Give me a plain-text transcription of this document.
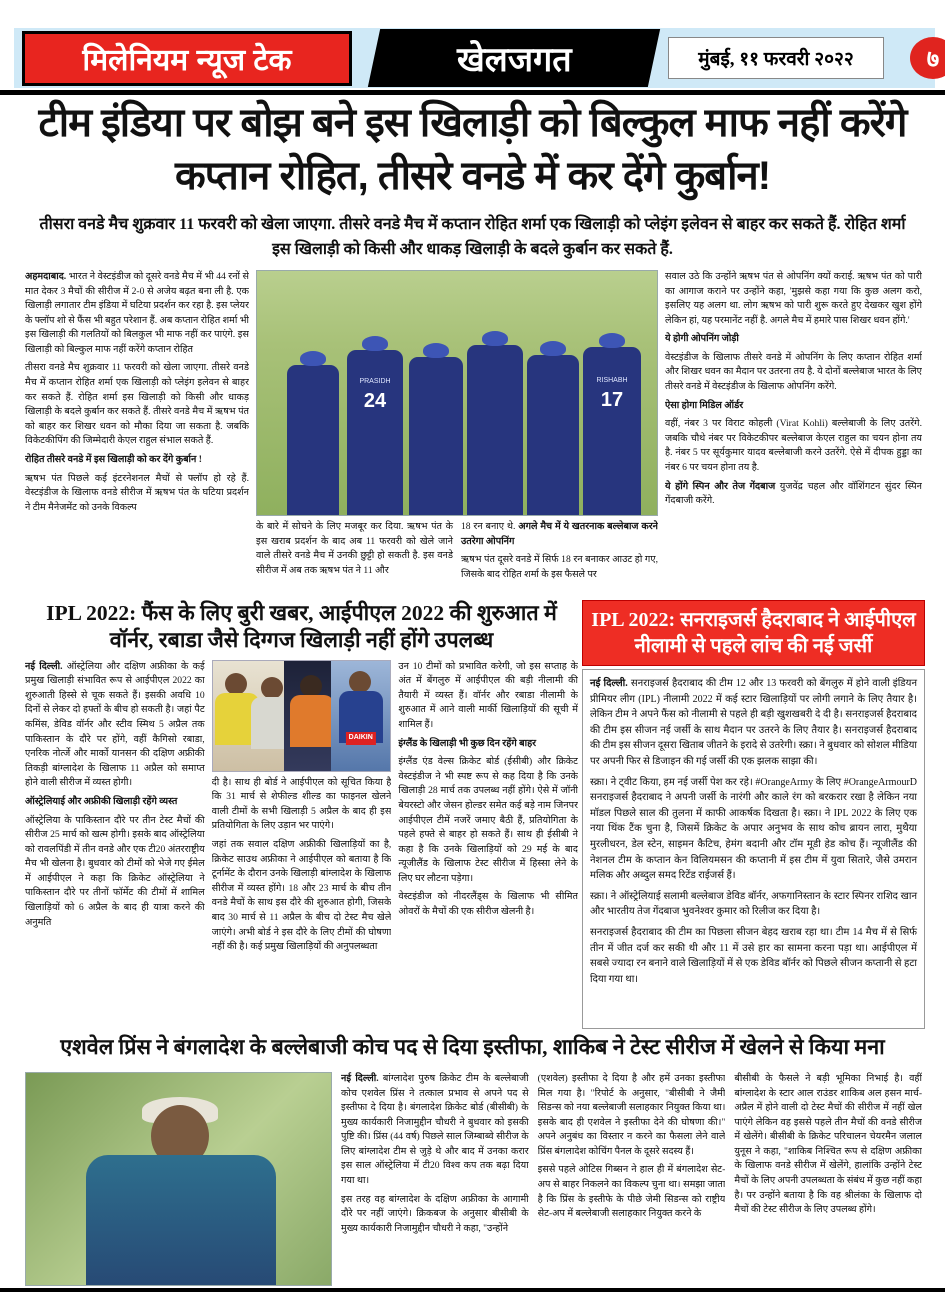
मिलेनियम न्यूज टेक	खेलजगत	मुंबई, ११ फरवरी २०२२	७
टीम इंडिया पर बोझ बने इस खिलाड़ी को बिल्कुल माफ नहीं करेंगे कप्तान रोहित, तीसरे वनडे में कर देंगे कुर्बान!
तीसरा वनडे मैच शुक्रवार 11 फरवरी को खेला जाएगा. तीसरे वनडे मैच में कप्तान रोहित शर्मा एक खिलाड़ी को प्लेइंग इलेवन से बाहर कर सकते हैं. रोहित शर्मा इस खिलाड़ी को किसी और धाकड़ खिलाड़ी के बदले कुर्बान कर सकते हैं.

अहमदाबाद. भारत ने वेस्टइंडीज को दूसरे वनडे मैच में भी 44 रनों से मात देकर 3 मैचों की सीरीज में 2-0 से अजेय बढ़त बना ली है. एक खिलाड़ी लगातार टीम इंडिया में घटिया प्रदर्शन कर रहा है. इस प्लेयर के फ्लॉप शो से फैंस भी बहुत परेशान हैं. अब कप्तान रोहित शर्मा भी इस खिलाड़ी की गलतियों को बिलकुल भी माफ नहीं कर पाएंगे. इस खिलाड़ी को बिल्कुल माफ नहीं करेंगे कप्तान रोहित

तीसरा वनडे मैच शुक्रवार 11 फरवरी को खेला जाएगा. तीसरे वनडे मैच में कप्तान रोहित शर्मा एक खिलाड़ी को प्लेइंग इलेवन से बाहर कर सकते हैं. रोहित शर्मा इस खिलाड़ी को किसी और धाकड़ खिलाड़ी के बदले कुर्बान कर सकते हैं. तीसरे वनडे मैच में ऋषभ पंत को बाहर कर शिखर धवन को मौका दिया जा सकता है. जबकि विकेटकीपिंग की जिम्मेदारी केएल राहुल संभाल सकते हैं.

रोहित तीसरे वनडे में इस खिलाड़ी को कर देंगे कुर्बान !

ऋषभ पंत पिछले कई इंटरनेशनल मैचों से फ्लॉप हो रहे हैं. वेस्टइंडीज के खिलाफ वनडे सीरीज में ऋषभ पंत के घटिया प्रदर्शन ने टीम मैनेजमेंट को उनके विकल्प

PRASIDH
24
RISHABH
17

के बारे में सोचने के लिए मजबूर कर दिया. ऋषभ पंत के इस खराब प्रदर्शन के बाद अब 11 फरवरी को खेले जाने वाले तीसरे वनडे मैच में उनकी छुट्टी हो सकती है. इस वनडे सीरीज में अब तक ऋषभ पंत ने 11 और

18 रन बनाए थे. अगले मैच में ये खतरनाक बल्लेबाज करने उतरेगा ओपनिंग

ऋषभ पंत दूसरे वनडे में सिर्फ 18 रन बनाकर आउट हो गए, जिसके बाद रोहित शर्मा के इस फैसले पर

सवाल उठे कि उन्होंने ऋषभ पंत से ओपनिंग क्यों कराई. ऋषभ पंत को पारी का आगाज कराने पर उन्होंने कहा, 'मुझसे कहा गया कि कुछ अलग करो, इसलिए यह अलग था. लोग ऋषभ को पारी शुरू करते हुए देखकर खुश होंगे लेकिन हां, यह परमानेंट नहीं है. अगले मैच में हमारे पास शिखर धवन होंगे.'

ये होगी ओपनिंग जोड़ी

वेस्टइंडीज के खिलाफ तीसरे वनडे में ओपनिंग के लिए कप्तान रोहित शर्मा और शिखर धवन का मैदान पर उतरना तय है. ये दोनों बल्लेबाज भारत के लिए तीसरे वनडे में वेस्टइंडीज के खिलाफ ओपनिंग करेंगे.

ऐसा होगा मिडिल ऑर्डर

वहीं, नंबर 3 पर विराट कोहली (Virat Kohli) बल्लेबाजी के लिए उतरेंगे. जबकि चौथे नंबर पर विकेटकीपर बल्लेबाज केएल राहुल का चयन होना तय है. नंबर 5 पर सूर्यकुमार यादव बल्लेबाजी करने उतरेंगे. ऐसे में दीपक हुड्डा का नंबर 6 पर चयन होना तय है.

ये होंगे स्पिन और तेज गेंदबाज युजवेंद्र चहल और वॉशिंगटन सुंदर स्पिन गेंदबाजी करेंगे.

IPL 2022: फैंस के लिए बुरी खबर, आईपीएल 2022 की शुरुआत में वॉर्नर, रबाडा जैसे दिग्गज खिलाड़ी नहीं होंगे उपलब्ध

नई दिल्ली. ऑस्ट्रेलिया और दक्षिण अफ्रीका के कई प्रमुख खिलाड़ी संभावित रूप से आईपीएल 2022 का शुरुआती हिस्से से चूक सकते हैं। इसकी अवधि 10 दिनों से लेकर दो हफ्तों के बीच हो सकती है। जहां पैट कमिंस, डेविड वॉर्नर और स्टीव स्मिथ 5 अप्रैल तक पाकिस्तान के दौरे पर होंगे, वहीं कैगिसो रबाडा, एनरिक नोर्त्जे और मार्को यानसन की दक्षिण अफ्रीकी तिकड़ी बांग्लादेश के खिलाफ 11 अप्रैल को समाप्त होने वाली सीरीज में व्यस्त होगी।

ऑस्ट्रेलियाई और अफ्रीकी खिलाड़ी रहेंगे व्यस्त

ऑस्ट्रेलिया के पाकिस्तान दौरे पर तीन टेस्ट मैचों की सीरीज 25 मार्च को खत्म होगी। इसके बाद ऑस्ट्रेलिया को रावलपिंडी में तीन वनडे और एक टी20 अंतरराष्ट्रीय मैच भी खेलना है। बुधवार को टीमों को भेजे गए ईमेल में आईपीएल ने कहा कि क्रिकेट ऑस्ट्रेलिया ने पाकिस्तान दौरे पर तीनों फॉर्मेट की टीमों में शामिल खिलाड़ियों को 6 अप्रैल के बाद ही यात्रा करने की अनुमति

DAIKIN

दी है। साथ ही बोर्ड ने आईपीएल को सूचित किया है कि 31 मार्च से शेफील्ड शील्ड का फाइनल खेलने वाली टीमों के सभी खिलाड़ी 5 अप्रैल के बाद ही इस प्रतियोगिता के लिए उड़ान भर पाएंगे।

जहां तक सवाल दक्षिण अफ्रीकी खिलाड़ियों का है, क्रिकेट साउथ अफ्रीका ने आईपीएल को बताया है कि टूर्नामेंट के दौरान उनके खिलाड़ी बांग्लादेश के खिलाफ सीरीज में व्यस्त होंगे। 18 और 23 मार्च के बीच तीन वनडे मैचों के साथ इस दौरे की शुरुआत होगी, जिसके बाद 30 मार्च से 11 अप्रैल के बीच दो टेस्ट मैच खेले जाएंगे। अभी बोर्ड ने इस दौरे के लिए टीमों की घोषणा नहीं की है। कई प्रमुख खिलाड़ियों की अनुपलब्धता

उन 10 टीमों को प्रभावित करेगी, जो इस सप्ताह के अंत में बेंगलुरु में आईपीएल की बड़ी नीलामी की तैयारी में व्यस्त हैं। वॉर्नर और रबाडा नीलामी के शुरुआत में आने वाली मार्की खिलाड़ियों की सूची में शामिल हैं।

इंग्लैंड के खिलाड़ी भी कुछ दिन रहेंगे बाहर

इंग्लैंड एंड वेल्स क्रिकेट बोर्ड (ईसीबी) और क्रिकेट वेस्टइंडीज ने भी स्पष्ट रूप से कह दिया है कि उनके खिलाड़ी 28 मार्च तक उपलब्ध नहीं होंगे। ऐसे में जॉनी बेयरस्टो और जेसन होल्डर समेत कई बड़े नाम जिनपर आईपीएल टीमें नजरें जमाए बैठी हैं, प्रतियोगिता के पहले हफ्ते से बाहर हो सकते हैं। साथ ही ईसीबी ने कहा है कि उनके खिलाड़ियों को 29 मई के बाद न्यूजीलैंड के खिलाफ टेस्ट सीरीज में हिस्सा लेने के लिए घर लौटना पड़ेगा।

वेस्टइंडीज को नीदरलैंड्स के खिलाफ भी सीमित ओवरों के मैचों की एक सीरीज खेलनी है।

IPL 2022: सनराइजर्स हैदराबाद ने आईपीएल नीलामी से पहले लांच की नई जर्सी

नई दिल्ली. सनराइजर्स हैदराबाद की टीम 12 और 13 फरवरी को बेंगलुरु में होने वाली इंडियन प्रीमियर लीग (IPL) नीलामी 2022 में कई स्टार खिलाड़ियों पर लोगी लगाने के लिए तैयार है। लेकिन टीम ने अपने फैंस को नीलामी से पहले ही बड़ी खुशखबरी दे दी है। सनराइजर्स हैदराबाद की टीम इस सीजन नई जर्सी के साथ मैदान पर उतरने के लिए तैयार है। सनराइजर्स हैदराबाद की टीम इस सीजन दूसरा खिताब जीतने के इरादे से उतरेगी। स्क्रा। ने बुधवार को सोशल मीडिया पर अपनी फिर से डिजाइन की गई जर्सी की एक झलक साझा की।

स्क्रा। ने ट्वीट किया, हम नई जर्सी पेश कर रहे। #OrangeArmy के लिए #OrangeArmourD सनराइजर्स हैदराबाद ने अपनी जर्सी के नारंगी और काले रंग को बरकरार रखा है लेकिन नया मॉडल पिछले साल की तुलना में काफी आकर्षक दिखता है। स्क्रा। ने IPL 2022 के लिए एक नया थिंक टैंक चुना है, जिसमें क्रिकेट के अपार अनुभव के साथ कोच ब्रायन लारा, मुथैया मुरलीधरन, डेल स्टेन, साइमन कैटिच, हेमंग बदानी और टॉम मूडी हेड कोच हैं। न्यूजीलैंड की नेशनल टीम के कप्तान केन विलियमसन की कप्तानी में इस टीम में युवा सितारे, जैसे उमरान मलिक और अब्दुल समद रिटेंड राईजर्स हैं।

स्क्रा। ने ऑस्ट्रेलियाई सलामी बल्लेबाज डेविड बॉर्नर, अफगानिस्तान के स्टार स्पिनर राशिद खान और भारतीय तेज गेंदबाज भुवनेश्वर कुमार को रिलीज कर दिया है।

सनराइजर्स हैदराबाद की टीम का पिछला सीजन बेहद खराब रहा था। टीम 14 मैच में से सिर्फ तीन में जीत दर्ज कर सकी थी और 11 में उसे हार का सामना करना पड़ा था। आईपीएल में सबसे ज्यादा रन बनाने वाले खिलाड़ियों में से एक डेविड बॉर्नर को पिछले सीजन कप्तानी से हटा दिया गया था।

एशवेल प्रिंस ने बंगलादेश के बल्लेबाजी कोच पद से दिया इस्तीफा, शाकिब ने टेस्ट सीरीज में खेलने से किया मना

नई दिल्ली. बांग्लादेश पुरुष क्रिकेट टीम के बल्लेबाजी कोच एशवेल प्रिंस ने तत्काल प्रभाव से अपने पद से इस्तीफा दे दिया है। बंगलादेश क्रिकेट बोर्ड (बीसीबी) के मुख्य कार्यकारी निजामुद्दीन चौधरी ने बुधवार को इसकी पुष्टि की। प्रिंस (44 वर्ष) पिछले साल जिम्बाब्वे सीरीज के लिए बांग्लादेश टीम से जुड़े थे और बाद में उनका करार इस साल ऑस्ट्रेलिया में टी20 विश्व कप तक बढ़ा दिया गया था।

इस तरह वह बांग्लादेश के दक्षिण अफ्रीका के आगामी दौरे पर नहीं जाएंगे। क्रिकबज के अनुसार बीसीबी के मुख्य कार्यकारी निजामुद्दीन चौधरी ने कहा, "उन्होंने

(एशवेल) इस्तीफा दे दिया है और हमें उनका इस्तीफा मिल गया है। "रिपोर्ट के अनुसार, "बीसीबी ने जैमी सिडन्स को नया बल्लेबाजी सलाहकार नियुक्त किया था। इसके बाद ही एशवेल ने इस्तीफा देने की घोषणा की।" अपने अनुबंध का विस्तार न करने का फैसला लेने वाले प्रिंस बंगलादेश कोचिंग पैनल के दूसरे सदस्य हैं।

इससे पहले ओटिस गिब्सन ने हाल ही में बंगलादेश सेट-अप से बाहर निकलने का विकल्प चुना था। समझा जाता है कि प्रिंस के इस्तीफे के पीछे जेमी सिडन्स को राष्ट्रीय सेट-अप में बल्लेबाजी सलाहकार नियुक्त करने के

बीसीबी के फैसले ने बड़ी भूमिका निभाई है। वहीं बांग्लादेश के स्टार आल राउंडर शाकिब अल हसन मार्च-अप्रैल में होने वाली दो टेस्ट मैचों की सीरीज में नहीं खेल पाएंगे लेकिन वह इससे पहले तीन मैचों की वनडे सीरीज में खेलेंगे। बीसीबी के क्रिकेट परिचालन चेयरमैन जलाल युनूस ने कहा, "शाकिब निश्चित रूप से दक्षिण अफ्रीका के खिलाफ वनडे सीरीज में खेलेंगे, हालांकि उन्होंने टेस्ट मैचों के लिए अपनी उपलब्धता के संबंध में कुछ नहीं कहा है। पर उन्होंने बताया है कि वह श्रीलंका के खिलाफ दो मैचों की टेस्ट सीरीज के लिए उपलब्ध होंगे।
